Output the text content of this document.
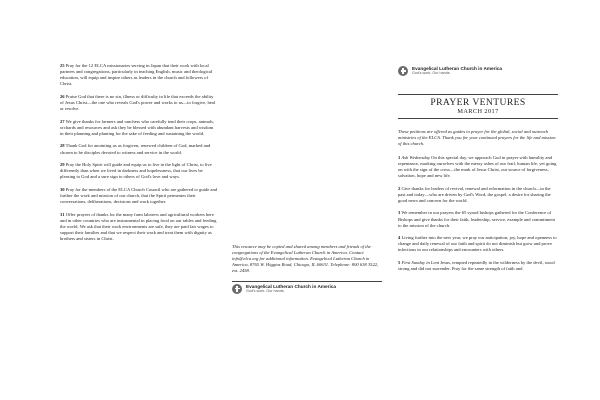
25 Pray for the 12 ELCA missionaries serving in Japan that their work with local partners and congregations, particularly in teaching English, music and theological education, will equip and inspire others as leaders in the church and followers of Christ.

26 Praise God that there is no sin, illness or difficulty in life that exceeds the ability of Jesus Christ—the one who reveals God's power and works to us—to forgive, heal or resolve.

27 We give thanks for farmers and ranchers who carefully tend their crops, animals, orchards and resources and ask they be blessed with abundant harvests and wisdom in their planning and planting for the sake of feeding and sustaining the world.

28 Thank God for anointing us as forgiven, renewed children of God, marked and chosen to be disciples devoted to witness and service in the world.

29 Pray the Holy Spirit will guide and equip us to live in the light of Christ, to live differently than when we lived in darkness and hopelessness, that our lives be pleasing to God and a sure sign to others of God's love and ways.

30 Pray for the members of the ELCA Church Council who are gathered to guide and further the work and mission of our church, that the Spirit permeates their conversations, deliberations, decisions and work together.

31 Offer prayers of thanks for the many farm laborers and agricultural workers here and in other countries who are instrumental in placing food on our tables and feeding the world. We ask that their work environments are safe, they are paid fair wages to support their families and that we respect their work and treat them with dignity as brothers and sisters in Christ.

This resource may be copied and shared among members and friends of the congregations of the Evangelical Lutheran Church in America. Contact info@elca.org for additional information. Evangelical Lutheran Church in America, 8765 W. Higgins Road, Chicago, IL 60631. Telephone: 800 638 3522, ext. 2458.

Evangelical Lutheran Church in America
God's work. Our hands.
Evangelical Lutheran Church in America
God's work. Our hands.
PRAYER VENTURES
MARCH 2017

These petitions are offered as guides to prayer for the global, social and outreach ministries of the ELCA. Thank you for your continued prayers for the life and mission of this church.

1 Ash Wednesday On this special day, we approach God in prayer with humility and repentance, marking ourselves with the messy ashes of our frail, human life, yet going on with the sign of the cross—the mark of Jesus Christ, our source of forgiveness, salvation, hope and new life.

2 Give thanks for leaders of revival, renewal and reformation in the church—in the past and today—who are driven by God's Word, the gospel, a desire for sharing the good news and concern for the world.

3 We remember in our prayers the 65 synod bishops gathered for the Conference of Bishops and give thanks for their faith, leadership, service, example and commitment to the mission of the church.

4 Living further into the new year, we pray our anticipation, joy, hope and openness to change and daily renewal of our faith and spirit do not diminish but grow and prove infectious in our relationships and encounters with others.

5 First Sunday in Lent Jesus, tempted repeatedly in the wilderness by the devil, stood strong and did not surrender. Pray for the same strength of faith and
